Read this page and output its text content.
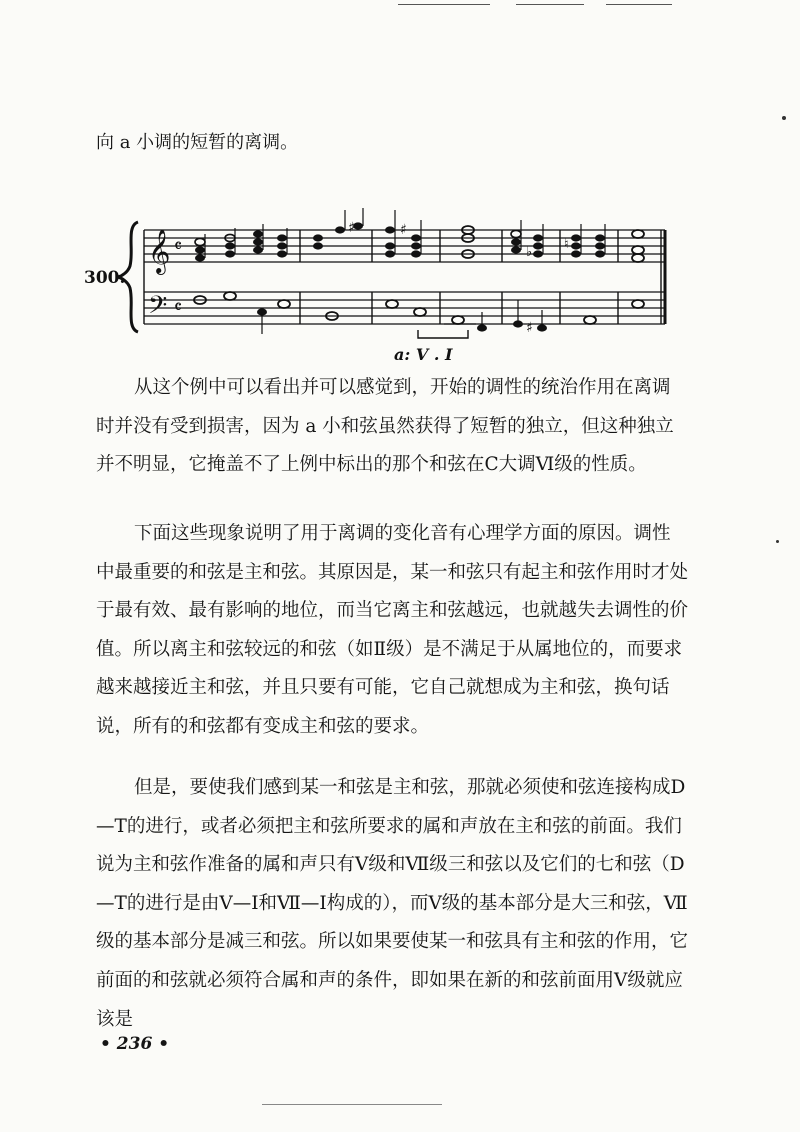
向 a 小调的短暂的离调。
300.
𝄞
𝄢
𝄴
𝄴
♯	♯
♭
♮
♯
a: Ⅴ . Ⅰ

从这个例中可以看出并可以感觉到，开始的调性的统治作用在离调时并没有受到损害，因为 a 小和弦虽然获得了短暂的独立，但这种独立并不明显，它掩盖不了上例中标出的那个和弦在C大调Ⅵ级的性质。

下面这些现象说明了用于离调的变化音有心理学方面的原因。调性中最重要的和弦是主和弦。其原因是，某一和弦只有起主和弦作用时才处于最有效、最有影响的地位，而当它离主和弦越远，也就越失去调性的价值。所以离主和弦较远的和弦（如Ⅱ级）是不满足于从属地位的，而要求越来越接近主和弦，并且只要有可能，它自己就想成为主和弦，换句话说，所有的和弦都有变成主和弦的要求。

但是，要使我们感到某一和弦是主和弦，那就必须使和弦连接构成D—T的进行，或者必须把主和弦所要求的属和声放在主和弦的前面。我们说为主和弦作准备的属和声只有Ⅴ级和Ⅶ级三和弦以及它们的七和弦（D—T的进行是由Ⅴ—Ⅰ和Ⅶ—Ⅰ构成的），而Ⅴ级的基本部分是大三和弦，Ⅶ级的基本部分是减三和弦。所以如果要使某一和弦具有主和弦的作用，它前面的和弦就必须符合属和声的条件，即如果在新的和弦前面用Ⅴ级就应该是

• 236 •
